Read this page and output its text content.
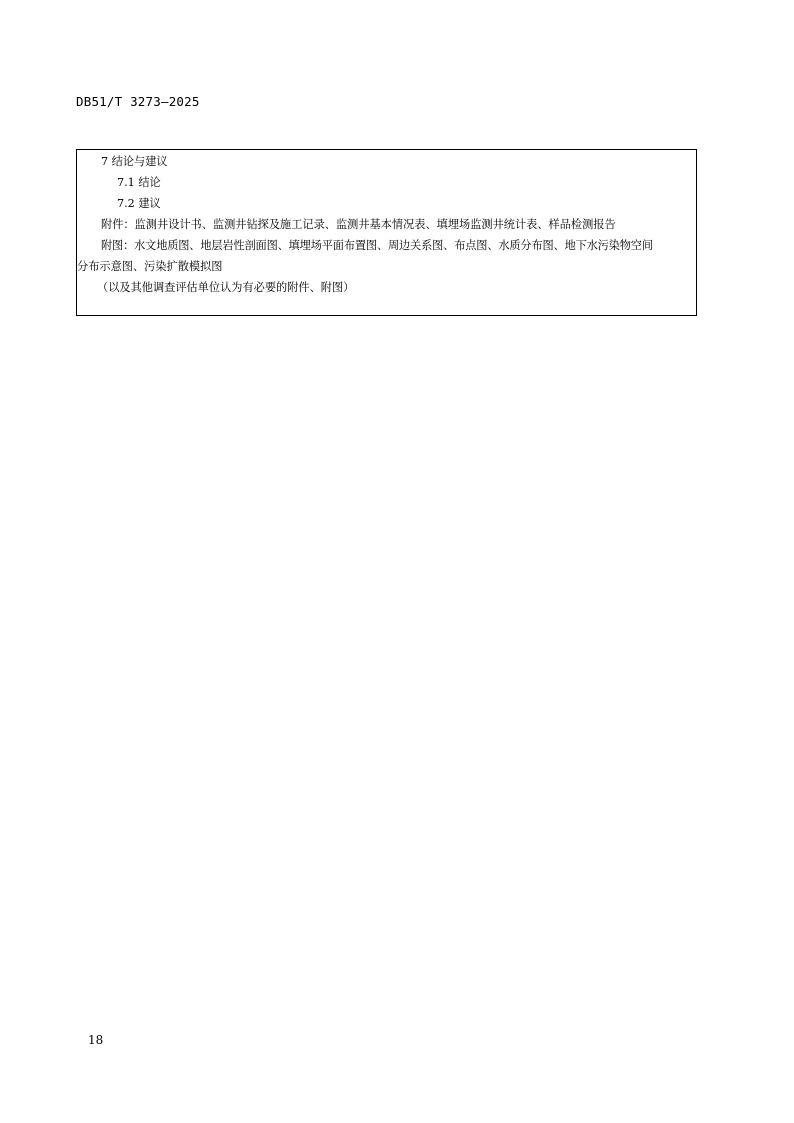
DB51/T 3273—2025
7 结论与建议
7.1 结论
7.2 建议
附件：监测井设计书、监测井钻探及施工记录、监测井基本情况表、填埋场监测井统计表、样品检测报告
附图：水文地质图、地层岩性剖面图、填埋场平面布置图、周边关系图、布点图、水质分布图、地下水污染物空间
分布示意图、污染扩散模拟图
（以及其他调查评估单位认为有必要的附件、附图）
18
